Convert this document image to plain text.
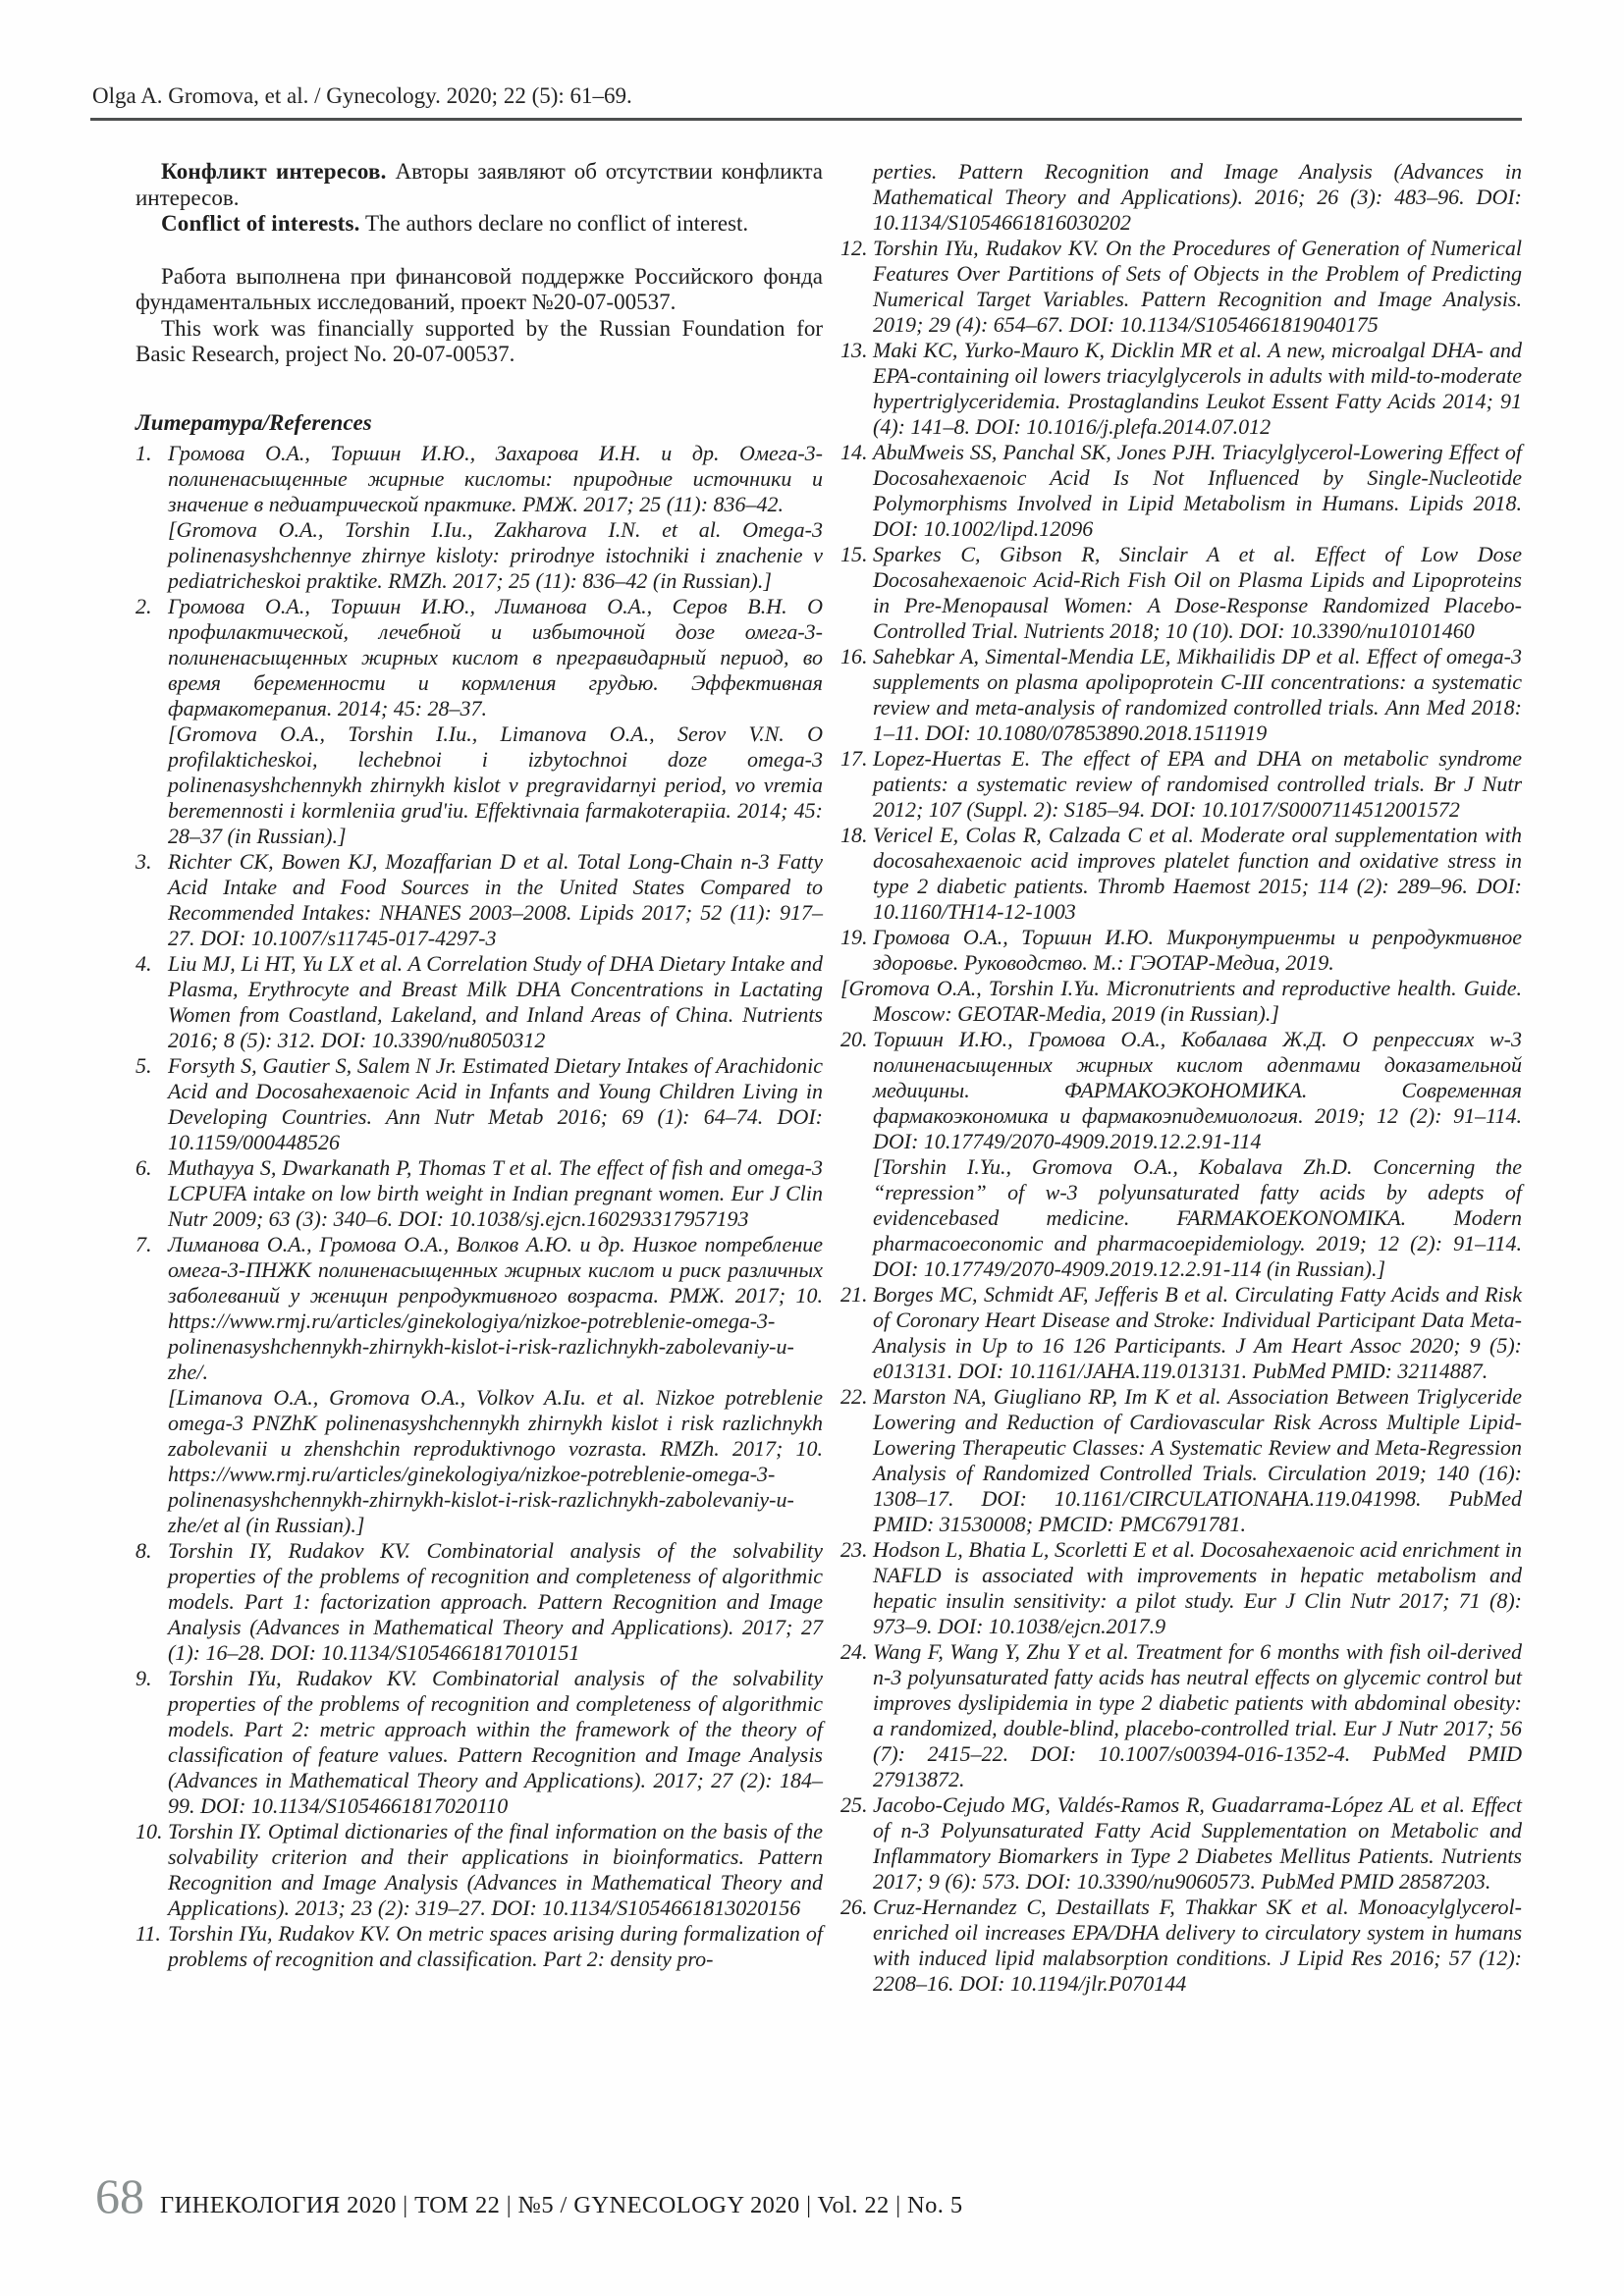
Olga A. Gromova, et al. / Gynecology. 2020; 22 (5): 61–69.

Конфликт интересов. Авторы заявляют об отсутствии конфликта интересов.

Conflict of interests. The authors declare no conflict of interest.

Работа выполнена при финансовой поддержке Российского фонда фундаментальных исследований, проект №20-07-00537.

This work was financially supported by the Russian Foundation for Basic Research, project No. 20-07-00537.

Литература/References
1. Громова О.А., Торшин И.Ю., Захарова И.Н. и др. Омега-3- полиненасыщенные жирные кислоты: природные источники и значение в педиатрической практике. РМЖ. 2017; 25 (11): 836–42.

[Gromova O.A., Torshin I.Iu., Zakharova I.N. et al. Omega-3 polinenasyshchennye zhirnye kisloty: prirodnye istochniki i znachenie v pediatricheskoi praktike. RMZh. 2017; 25 (11): 836–42 (in Russian).]

2. Громова О.А., Торшин И.Ю., Лиманова О.А., Серов В.Н. О профилактической, лечебной и избыточной дозе омега-3-полиненасыщенных жирных кислот в прегравидарный период, во время беременности и кормления грудью. Эффективная фармакотерапия. 2014; 45: 28–37.

[Gromova O.A., Torshin I.Iu., Limanova O.A., Serov V.N. O profilakticheskoi, lechebnoi i izbytochnoi doze omega-3 polinenasyshchennykh zhirnykh kislot v pregravidarnyi period, vo vremia beremennosti i kormleniia grud'iu. Effektivnaia farmakoterapiia. 2014; 45: 28–37 (in Russian).]

3. Richter CK, Bowen KJ, Mozaffarian D et al. Total Long-Chain n-3 Fatty Acid Intake and Food Sources in the United States Compared to Recommended Intakes: NHANES 2003–2008. Lipids 2017; 52 (11): 917–27. DOI: 10.1007/s11745-017-4297-3

4. Liu MJ, Li HT, Yu LX et al. A Correlation Study of DHA Dietary Intake and Plasma, Erythrocyte and Breast Milk DHA Concentrations in Lactating Women from Coastland, Lakeland, and Inland Areas of China. Nutrients 2016; 8 (5): 312. DOI: 10.3390/nu8050312

5. Forsyth S, Gautier S, Salem N Jr. Estimated Dietary Intakes of Arachidonic Acid and Docosahexaenoic Acid in Infants and Young Children Living in Developing Countries. Ann Nutr Metab 2016; 69 (1): 64–74. DOI: 10.1159/000448526

6. Muthayya S, Dwarkanath P, Thomas T et al. The effect of fish and omega-3 LCPUFA intake on low birth weight in Indian pregnant women. Eur J Clin Nutr 2009; 63 (3): 340–6. DOI: 10.1038/sj.ejcn.160293317957193

7. Лиманова О.А., Громова О.А., Волков А.Ю. и др. Низкое потребление омега-3-ПНЖК полиненасыщенных жирных кислот и риск различных заболеваний у женщин репродуктивного возраста. РМЖ. 2017; 10. https://www.rmj.ru/articles/ginekologiya/nizkoe-potreblenie-omega-3-polinenasyshchennykh-zhirnykh-kislot-i-risk-razlichnykh-zabolevaniy-u-zhe/.

[Limanova O.A., Gromova O.A., Volkov A.Iu. et al. Nizkoe potreblenie omega-3 PNZhK polinenasyshchennykh zhirnykh kislot i risk razlichnykh zabolevanii u zhenshchin reproduktivnogo vozrasta. RMZh. 2017; 10. https://www.rmj.ru/articles/ginekologiya/nizkoe-potreblenie-omega-3-polinenasyshchennykh-zhirnykh-kislot-i-risk-razlichnykh-zabolevaniy-u-zhe/et al (in Russian).]

8. Torshin IY, Rudakov KV. Combinatorial analysis of the solvability properties of the problems of recognition and completeness of algorithmic models. Part 1: factorization approach. Pattern Recognition and Image Analysis (Advances in Mathematical Theory and Applications). 2017; 27 (1): 16–28. DOI: 10.1134/S1054661817010151

9. Torshin IYu, Rudakov KV. Combinatorial analysis of the solvability properties of the problems of recognition and completeness of algorithmic models. Part 2: metric approach within the framework of the theory of classification of feature values. Pattern Recognition and Image Analysis (Advances in Mathematical Theory and Applications). 2017; 27 (2): 184–99. DOI: 10.1134/S1054661817020110

10. Torshin IY. Optimal dictionaries of the final information on the basis of the solvability criterion and their applications in bioinformatics. Pattern Recognition and Image Analysis (Advances in Mathematical Theory and Applications). 2013; 23 (2): 319–27. DOI: 10.1134/S1054661813020156

11. Torshin IYu, Rudakov KV. On metric spaces arising during formalization of problems of recognition and classification. Part 2: density pro-

perties. Pattern Recognition and Image Analysis (Advances in Mathematical Theory and Applications). 2016; 26 (3): 483–96. DOI: 10.1134/S1054661816030202

12. Torshin IYu, Rudakov KV. On the Procedures of Generation of Numerical Features Over Partitions of Sets of Objects in the Problem of Predicting Numerical Target Variables. Pattern Recognition and Image Analysis. 2019; 29 (4): 654–67. DOI: 10.1134/S1054661819040175

13. Maki KC, Yurko-Mauro K, Dicklin MR et al. A new, microalgal DHA- and EPA-containing oil lowers triacylglycerols in adults with mild-to-moderate hypertriglyceridemia. Prostaglandins Leukot Essent Fatty Acids 2014; 91 (4): 141–8. DOI: 10.1016/j.plefa.2014.07.012

14. AbuMweis SS, Panchal SK, Jones PJH. Triacylglycerol-Lowering Effect of Docosahexaenoic Acid Is Not Influenced by Single-Nucleotide Polymorphisms Involved in Lipid Metabolism in Humans. Lipids 2018. DOI: 10.1002/lipd.12096

15. Sparkes C, Gibson R, Sinclair A et al. Effect of Low Dose Docosahexaenoic Acid-Rich Fish Oil on Plasma Lipids and Lipoproteins in Pre-Menopausal Women: A Dose-Response Randomized Placebo-Controlled Trial. Nutrients 2018; 10 (10). DOI: 10.3390/nu10101460

16. Sahebkar A, Simental-Mendia LE, Mikhailidis DP et al. Effect of omega-3 supplements on plasma apolipoprotein C-III concentrations: a systematic review and meta-analysis of randomized controlled trials. Ann Med 2018: 1–11. DOI: 10.1080/07853890.2018.1511919

17. Lopez-Huertas E. The effect of EPA and DHA on metabolic syndrome patients: a systematic review of randomised controlled trials. Br J Nutr 2012; 107 (Suppl. 2): S185–94. DOI: 10.1017/S0007114512001572

18. Vericel E, Colas R, Calzada C et al. Moderate oral supplementation with docosahexaenoic acid improves platelet function and oxidative stress in type 2 diabetic patients. Thromb Haemost 2015; 114 (2): 289–96. DOI: 10.1160/TH14-12-1003

19. Громова О.А., Торшин И.Ю. Микронутриенты и репродуктивное здоровье. Руководство. М.: ГЭОТАР-Медиа, 2019.

[Gromova O.A., Torshin I.Yu. Micronutrients and reproductive health. Guide. Moscow: GEOTAR-Media, 2019 (in Russian).]

20. Торшин И.Ю., Громова О.А., Кобалава Ж.Д. О репрессиях w-3 полиненасыщенных жирных кислот адептами доказательной медицины. ФАРМАКОЭКОНОМИКА. Современная фармакоэкономика и фармакоэпидемиология. 2019; 12 (2): 91–114. DOI: 10.17749/2070-4909.2019.12.2.91-114

[Torshin I.Yu., Gromova O.A., Kobalava Zh.D. Concerning the “repression” of w-3 polyunsaturated fatty acids by adepts of evidencebased medicine. FARMAKOEKONOMIKA. Modern pharmacoeconomic and pharmacoepidemiology. 2019; 12 (2): 91–114. DOI: 10.17749/2070-4909.2019.12.2.91-114 (in Russian).]

21. Borges MC, Schmidt AF, Jefferis B et al. Circulating Fatty Acids and Risk of Coronary Heart Disease and Stroke: Individual Participant Data Meta-Analysis in Up to 16 126 Participants. J Am Heart Assoc 2020; 9 (5): e013131. DOI: 10.1161/JAHA.119.013131. PubMed PMID: 32114887.

22. Marston NA, Giugliano RP, Im K et al. Association Between Triglyceride Lowering and Reduction of Cardiovascular Risk Across Multiple Lipid-Lowering Therapeutic Classes: A Systematic Review and Meta-Regression Analysis of Randomized Controlled Trials. Circulation 2019; 140 (16): 1308–17. DOI: 10.1161/CIRCULATIONAHA.119.041998. PubMed PMID: 31530008; PMCID: PMC6791781.

23. Hodson L, Bhatia L, Scorletti E et al. Docosahexaenoic acid enrichment in NAFLD is associated with improvements in hepatic metabolism and hepatic insulin sensitivity: a pilot study. Eur J Clin Nutr 2017; 71 (8): 973–9. DOI: 10.1038/ejcn.2017.9

24. Wang F, Wang Y, Zhu Y et al. Treatment for 6 months with fish oil-derived n-3 polyunsaturated fatty acids has neutral effects on glycemic control but improves dyslipidemia in type 2 diabetic patients with abdominal obesity: a randomized, double-blind, placebo-controlled trial. Eur J Nutr 2017; 56 (7): 2415–22. DOI: 10.1007/s00394-016-1352-4. PubMed PMID 27913872.

25. Jacobo-Cejudo MG, Valdés-Ramos R, Guadarrama-López AL et al. Effect of n-3 Polyunsaturated Fatty Acid Supplementation on Metabolic and Inflammatory Biomarkers in Type 2 Diabetes Mellitus Patients. Nutrients 2017; 9 (6): 573. DOI: 10.3390/nu9060573. PubMed PMID 28587203.

26. Cruz-Hernandez C, Destaillats F, Thakkar SK et al. Monoacylglycerol-enriched oil increases EPA/DHA delivery to circulatory system in humans with induced lipid malabsorption conditions. J Lipid Res 2016; 57 (12): 2208–16. DOI: 10.1194/jlr.P070144

68 ГИНЕКОЛОГИЯ 2020 | ТОМ 22 | №5 / GYNECOLOGY 2020 | Vol. 22 | No. 5
